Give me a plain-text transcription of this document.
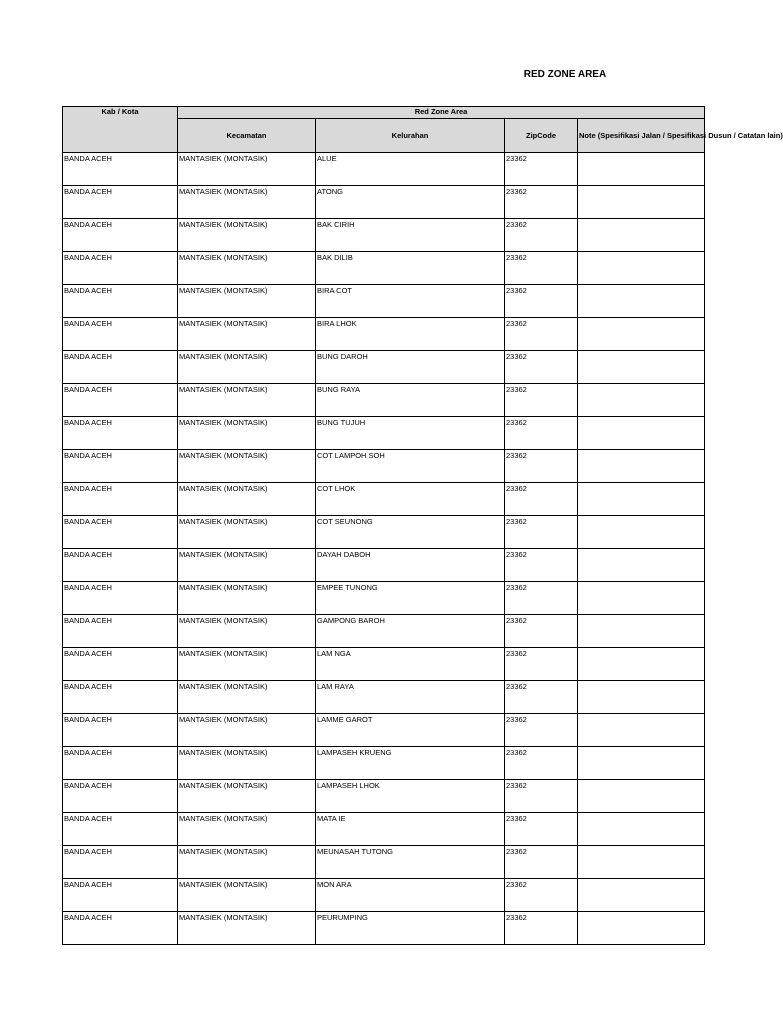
RED ZONE AREA
Kab / Kota	Red Zone Area			
	Kecamatan	Kelurahan	ZipCode	Note (Spesifikasi Jalan / Spesifikasi Dusun / Catatan lain)
BANDA ACEH	MANTASIEK (MONTASIK)	ALUE	23362	
BANDA ACEH	MANTASIEK (MONTASIK)	ATONG	23362	
BANDA ACEH	MANTASIEK (MONTASIK)	BAK CIRIH	23362	
BANDA ACEH	MANTASIEK (MONTASIK)	BAK DILIB	23362	
BANDA ACEH	MANTASIEK (MONTASIK)	BIRA COT	23362	
BANDA ACEH	MANTASIEK (MONTASIK)	BIRA LHOK	23362	
BANDA ACEH	MANTASIEK (MONTASIK)	BUNG DAROH	23362	
BANDA ACEH	MANTASIEK (MONTASIK)	BUNG RAYA	23362	
BANDA ACEH	MANTASIEK (MONTASIK)	BUNG TUJUH	23362	
BANDA ACEH	MANTASIEK (MONTASIK)	COT LAMPOH SOH	23362	
BANDA ACEH	MANTASIEK (MONTASIK)	COT LHOK	23362	
BANDA ACEH	MANTASIEK (MONTASIK)	COT SEUNONG	23362	
BANDA ACEH	MANTASIEK (MONTASIK)	DAYAH DABOH	23362	
BANDA ACEH	MANTASIEK (MONTASIK)	EMPEE TUNONG	23362	
BANDA ACEH	MANTASIEK (MONTASIK)	GAMPONG BAROH	23362	
BANDA ACEH	MANTASIEK (MONTASIK)	LAM NGA	23362	
BANDA ACEH	MANTASIEK (MONTASIK)	LAM RAYA	23362	
BANDA ACEH	MANTASIEK (MONTASIK)	LAMME GAROT	23362	
BANDA ACEH	MANTASIEK (MONTASIK)	LAMPASEH KRUENG	23362	
BANDA ACEH	MANTASIEK (MONTASIK)	LAMPASEH LHOK	23362	
BANDA ACEH	MANTASIEK (MONTASIK)	MATA IE	23362	
BANDA ACEH	MANTASIEK (MONTASIK)	MEUNASAH TUTONG	23362	
BANDA ACEH	MANTASIEK (MONTASIK)	MON ARA	23362	
BANDA ACEH	MANTASIEK (MONTASIK)	PEURUMPING	23362	
